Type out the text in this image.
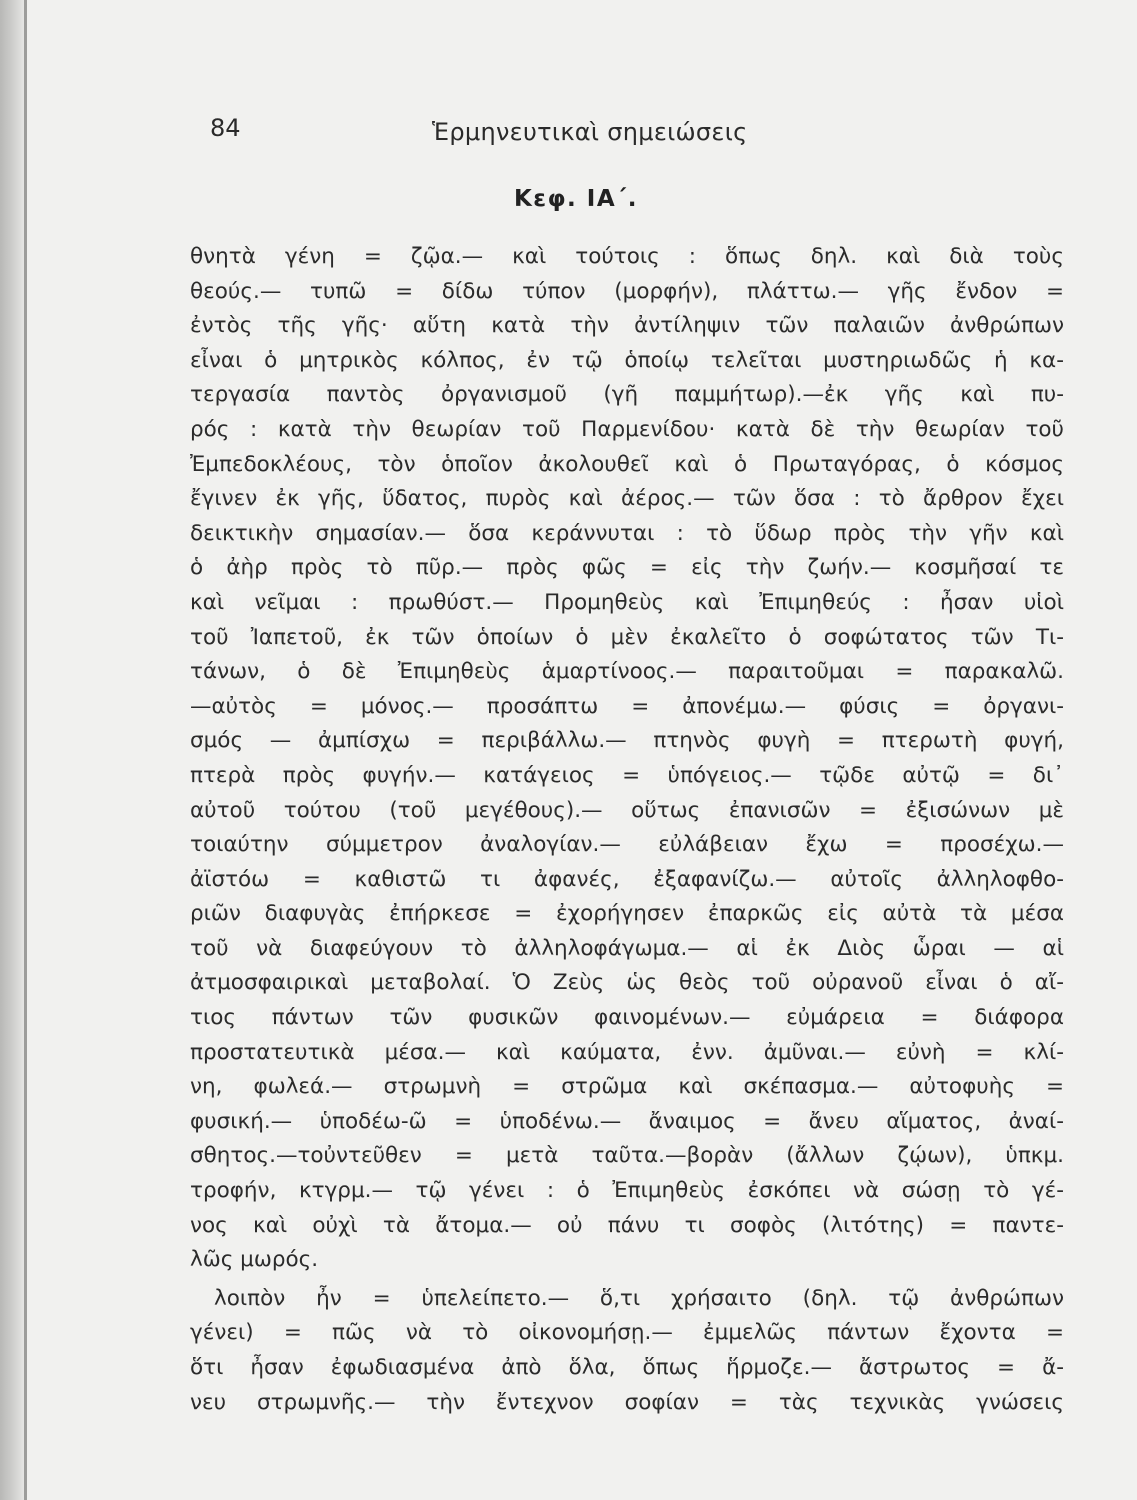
84	Ἑρμηνευτικαὶ σημειώσεις
Κεφ. ΙΑ΄.
θνητὰ γένη = ζῷα.— καὶ τούτοις : ὅπως δηλ. καὶ διὰ τοὺς
θεούς.— τυπῶ = δίδω τύπον (μορφήν), πλάττω.— γῆς ἔνδον =
ἐντὸς τῆς γῆς· αὕτη κατὰ τὴν ἀντίληψιν τῶν παλαιῶν ἀνθρώπων
εἶναι ὁ μητρικὸς κόλπος, ἐν τῷ ὁποίῳ τελεῖται μυστηριωδῶς ἡ κα-
τεργασία παντὸς ὀργανισμοῦ (γῆ παμμήτωρ).—ἐκ γῆς καὶ πυ-
ρός : κατὰ τὴν θεωρίαν τοῦ Παρμενίδου· κατὰ δὲ τὴν θεωρίαν τοῦ
Ἐμπεδοκλέους, τὸν ὁποῖον ἀκολουθεῖ καὶ ὁ Πρωταγόρας, ὁ κόσμος
ἔγινεν ἐκ γῆς, ὕδατος, πυρὸς καὶ ἀέρος.— τῶν ὅσα : τὸ ἄρθρον ἔχει
δεικτικὴν σημασίαν.— ὅσα κεράννυται : τὸ ὕδωρ πρὸς τὴν γῆν καὶ
ὁ ἀὴρ πρὸς τὸ πῦρ.— πρὸς φῶς = εἰς τὴν ζωήν.— κοσμῆσαί τε
καὶ νεῖμαι : πρωθύστ.— Προμηθεὺς καὶ Ἐπιμηθεύς : ἦσαν υἱοὶ
τοῦ Ἰαπετοῦ, ἐκ τῶν ὁποίων ὁ μὲν ἐκαλεῖτο ὁ σοφώτατος τῶν Τι-
τάνων, ὁ δὲ Ἐπιμηθεὺς ἁμαρτίνοος.— παραιτοῦμαι = παρακαλῶ.
—αὐτὸς = μόνος.— προσάπτω = ἀπονέμω.— φύσις = ὀργανι-
σμός — ἀμπίσχω = περιβάλλω.— πτηνὸς φυγὴ = πτερωτὴ φυγή,
πτερὰ πρὸς φυγήν.— κατάγειος = ὑπόγειος.— τῷδε αὐτῷ = δι᾽
αὐτοῦ τούτου (τοῦ μεγέθους).— οὕτως ἐπανισῶν = ἐξισώνων μὲ
τοιαύτην σύμμετρον ἀναλογίαν.— εὐλάβειαν ἔχω = προσέχω.—
ἀϊστόω = καθιστῶ τι ἀφανές, ἐξαφανίζω.— αὐτοῖς ἀλληλοφθο-
ριῶν διαφυγὰς ἐπήρκεσε = ἐχορήγησεν ἐπαρκῶς εἰς αὐτὰ τὰ μέσα
τοῦ νὰ διαφεύγουν τὸ ἀλληλοφάγωμα.— αἱ ἐκ Διὸς ὧραι — αἱ
ἀτμοσφαιρικαὶ μεταβολαί. Ὁ Ζεὺς ὡς θεὸς τοῦ οὐρανοῦ εἶναι ὁ αἴ-
τιος πάντων τῶν φυσικῶν φαινομένων.— εὐμάρεια = διάφορα
προστατευτικὰ μέσα.— καὶ καύματα, ἐνν. ἀμῦναι.— εὐνὴ = κλί-
νη, φωλεά.— στρωμνὴ = στρῶμα καὶ σκέπασμα.— αὐτοφυὴς =
φυσική.— ὑποδέω-ῶ = ὑποδένω.— ἄναιμος = ἄνευ αἵματος, ἀναί-
σθητος.—τοὐντεῦθεν = μετὰ ταῦτα.—βορὰν (ἄλλων ζῴων), ὑπκμ.
τροφήν, κτγρμ.— τῷ γένει : ὁ Ἐπιμηθεὺς ἐσκόπει νὰ σώσῃ τὸ γέ-
νος καὶ οὐχὶ τὰ ἄτομα.— οὐ πάνυ τι σοφὸς (λιτότης) = παντε-
λῶς μωρός.
λοιπὸν ἦν = ὑπελείπετο.— ὅ,τι χρήσαιτο (δηλ. τῷ ἀνθρώπων
γένει) = πῶς νὰ τὸ οἰκονομήσῃ.— ἐμμελῶς πάντων ἔχοντα =
ὅτι ἦσαν ἐφωδιασμένα ἀπὸ ὅλα, ὅπως ἥρμοζε.— ἄστρωτος = ἄ-
νευ στρωμνῆς.— τὴν ἔντεχνον σοφίαν = τὰς τεχνικὰς γνώσεις
